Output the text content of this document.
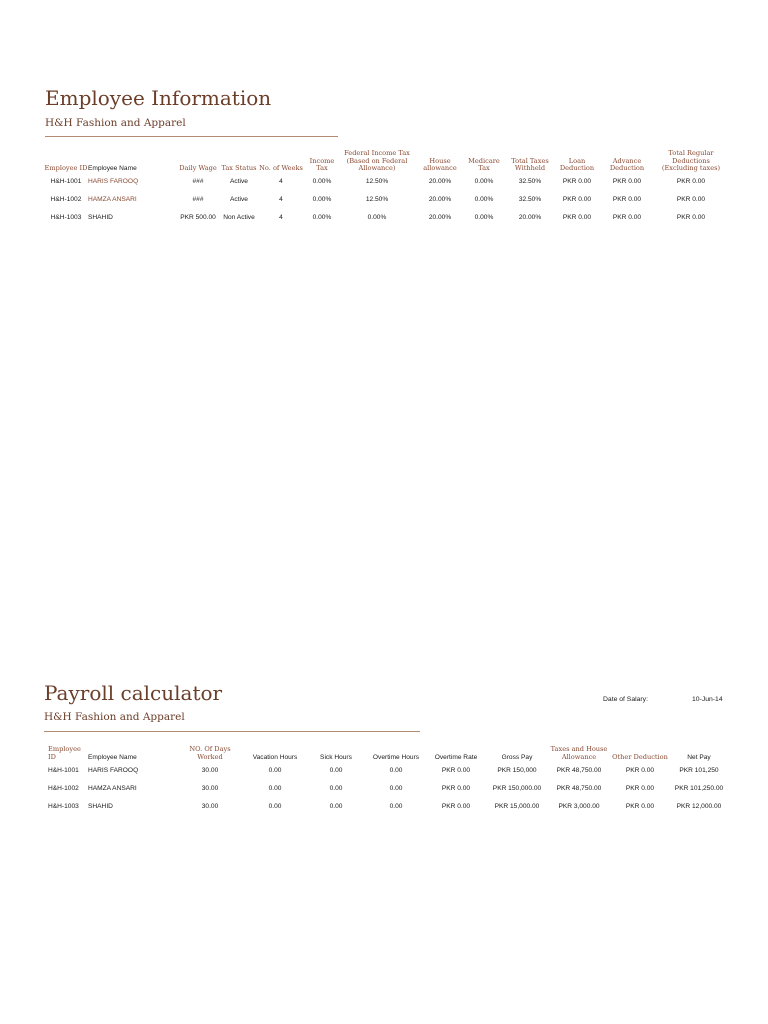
Employee Information
H&H Fashion and Apparel
Employee ID	Employee Name	Daily Wage	Tax Status	No. of Weeks	Income Tax	Federal Income Tax (Based on Federal Allowance)	House allowance	Medicare Tax	Total Taxes Withheld	Loan Deduction	Advance Deduction	Total Regular Deductions (Excluding taxes)
H&H-1001	HARIS FAROOQ	###	Active	4	0.00%	12.50%	20.00%	0.00%	32.50%	PKR 0.00	PKR 0.00	PKR 0.00
H&H-1002	HAMZA ANSARI	###	Active	4	0.00%	12.50%	20.00%	0.00%	32.50%	PKR 0.00	PKR 0.00	PKR 0.00
H&H-1003	SHAHID	PKR 500.00	Non Active	4	0.00%	0.00%	20.00%	0.00%	20.00%	PKR 0.00	PKR 0.00	PKR 0.00
Payroll calculator
H&H Fashion and Apparel
Date of Salary:	10-Jun-14
Employee ID	Employee Name	NO. Of Days Worked	Vacation Hours	Sick Hours	Overtime Hours	Overtime Rate	Gross Pay	Taxes and House Allowance	Other Deduction	Net Pay
H&H-1001	HARIS FAROOQ	30.00	0.00	0.00	0.00	PKR 0.00	PKR 150,000	PKR 48,750.00	PKR 0.00	PKR 101,250
H&H-1002	HAMZA ANSARI	30.00	0.00	0.00	0.00	PKR 0.00	PKR 150,000.00	PKR 48,750.00	PKR 0.00	PKR 101,250.00
H&H-1003	SHAHID	30.00	0.00	0.00	0.00	PKR 0.00	PKR 15,000.00	PKR 3,000.00	PKR 0.00	PKR 12,000.00
